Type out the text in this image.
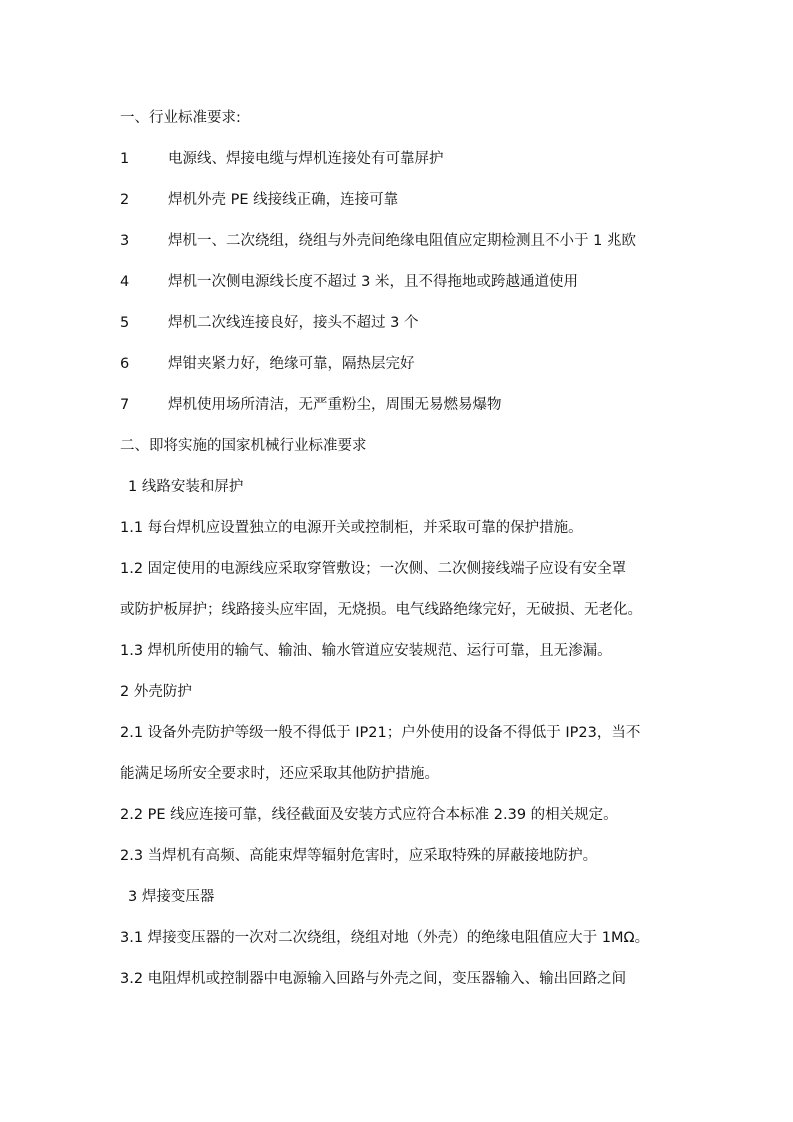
一、行业标准要求:

1	电源线、焊接电缆与焊机连接处有可靠屏护

2	焊机外壳 PE 线接线正确，连接可靠

3	焊机一、二次绕组，绕组与外壳间绝缘电阻值应定期检测且不小于 1 兆欧

4	焊机一次侧电源线长度不超过 3 米，且不得拖地或跨越通道使用

5	焊机二次线连接良好，接头不超过 3 个

6	焊钳夹紧力好，绝缘可靠，隔热层完好

7	焊机使用场所清洁，无严重粉尘，周围无易燃易爆物

二、即将实施的国家机械行业标准要求

1 线路安装和屏护

1.1 每台焊机应设置独立的电源开关或控制柜，并采取可靠的保护措施。

1.2 固定使用的电源线应采取穿管敷设；一次侧、二次侧接线端子应设有安全罩

或防护板屏护；线路接头应牢固，无烧损。电气线路绝缘完好，无破损、无老化。

1.3 焊机所使用的输气、输油、输水管道应安装规范、运行可靠，且无渗漏。

2 外壳防护

2.1 设备外壳防护等级一般不得低于 IP21；户外使用的设备不得低于 IP23，当不

能满足场所安全要求时，还应采取其他防护措施。

2.2 PE 线应连接可靠，线径截面及安装方式应符合本标准 2.39 的相关规定。

2.3 当焊机有高频、高能束焊等辐射危害时，应采取特殊的屏蔽接地防护。

3 焊接变压器

3.1 焊接变压器的一次对二次绕组，绕组对地（外壳）的绝缘电阻值应大于 1MΩ。

3.2 电阻焊机或控制器中电源输入回路与外壳之间，变压器输入、输出回路之间
